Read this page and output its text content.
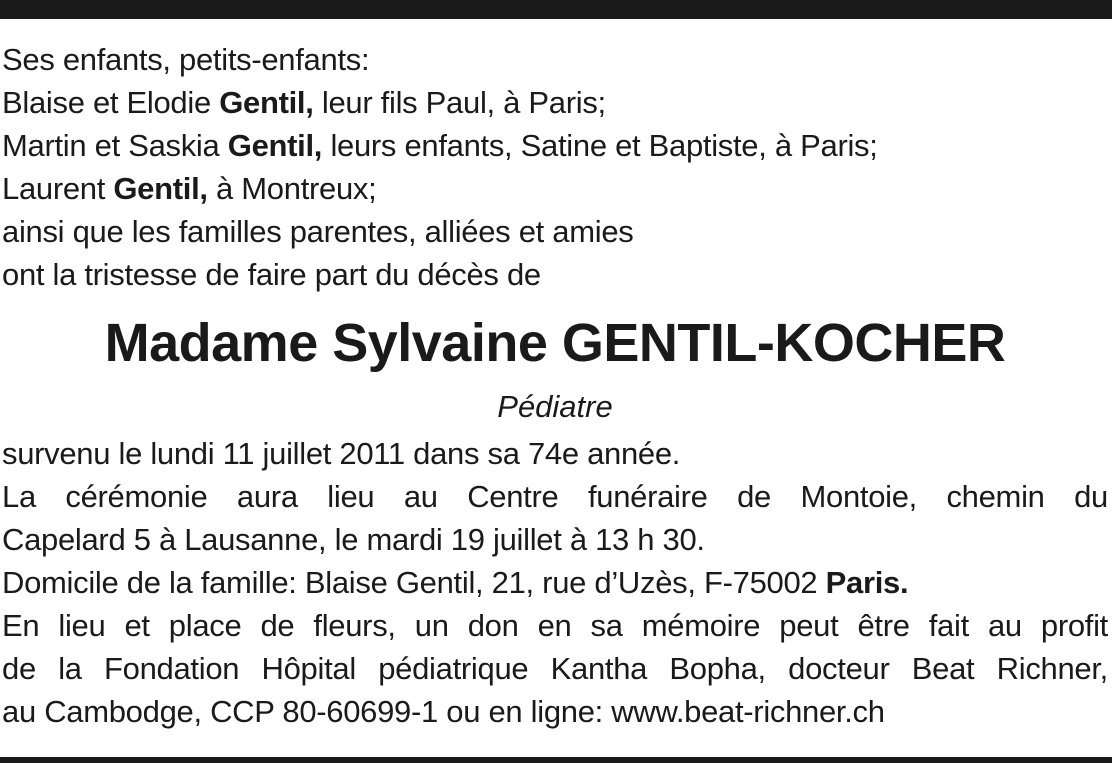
Ses enfants, petits-enfants:
Blaise et Elodie Gentil, leur fils Paul, à Paris;
Martin et Saskia Gentil, leurs enfants, Satine et Baptiste, à Paris;
Laurent Gentil, à Montreux;
ainsi que les familles parentes, alliées et amies
ont la tristesse de faire part du décès de
Madame Sylvaine GENTIL-KOCHER
Pédiatre
survenu le lundi 11 juillet 2011 dans sa 74e année.
La cérémonie aura lieu au Centre funéraire de Montoie, chemin du
Capelard 5 à Lausanne, le mardi 19 juillet à 13 h 30.
Domicile de la famille: Blaise Gentil, 21, rue d’Uzès, F-75002 Paris.
En lieu et place de fleurs, un don en sa mémoire peut être fait au profit
de la Fondation Hôpital pédiatrique Kantha Bopha, docteur Beat Richner,
au Cambodge, CCP 80-60699-1 ou en ligne: www.beat-richner.ch
